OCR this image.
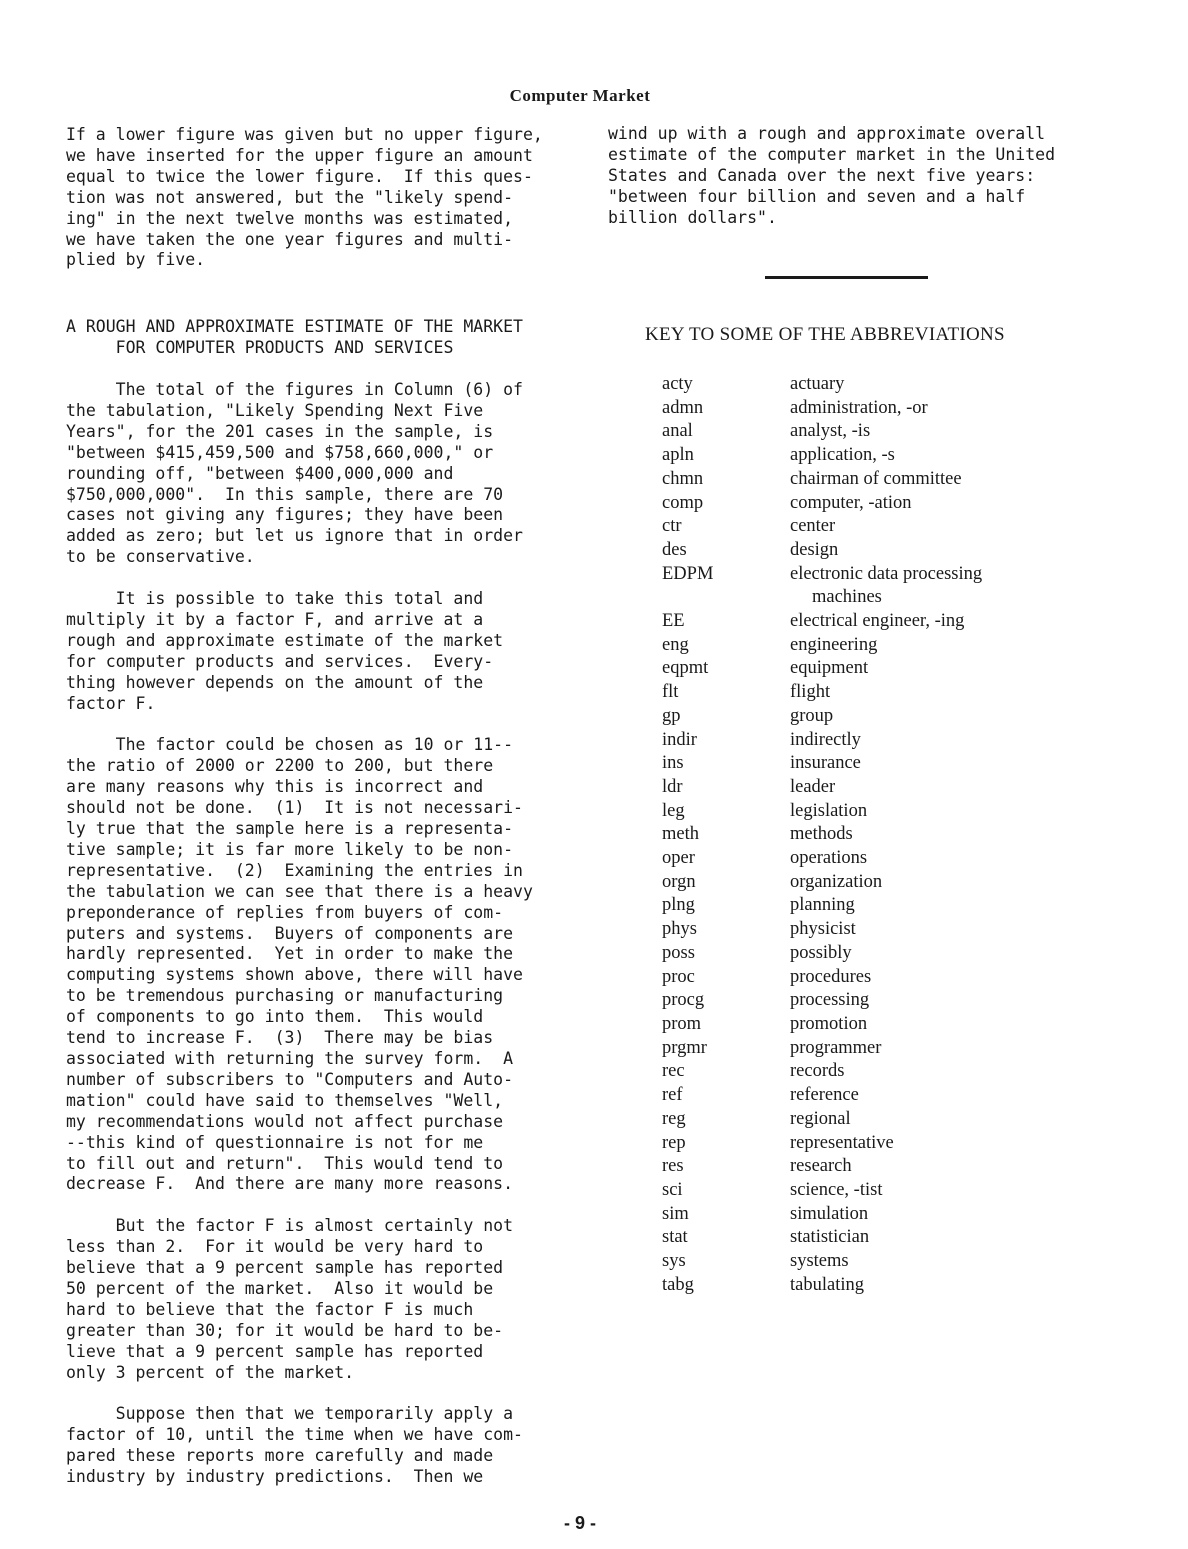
Computer Market
If a lower figure was given but no upper figure,
we have inserted for the upper figure an amount
equal to twice the lower figure.  If this ques-
tion was not answered, but the "likely spend-
ing" in the next twelve months was estimated,
we have taken the one year figures and multi-
plied by five.
A ROUGH AND APPROXIMATE ESTIMATE OF THE MARKET
FOR COMPUTER PRODUCTS AND SERVICES
The total of the figures in Column (6) of
the tabulation, "Likely Spending Next Five
Years", for the 201 cases in the sample, is
"between $415,459,500 and $758,660,000," or
rounding off, "between $400,000,000 and
$750,000,000".  In this sample, there are 70
cases not giving any figures; they have been
added as zero; but let us ignore that in order
to be conservative.
It is possible to take this total and
multiply it by a factor F, and arrive at a
rough and approximate estimate of the market
for computer products and services.  Every-
thing however depends on the amount of the
factor F.
The factor could be chosen as 10 or 11--
the ratio of 2000 or 2200 to 200, but there
are many reasons why this is incorrect and
should not be done.  (1)  It is not necessari-
ly true that the sample here is a representa-
tive sample; it is far more likely to be non-
representative.  (2)  Examining the entries in
the tabulation we can see that there is a heavy
preponderance of replies from buyers of com-
puters and systems.  Buyers of components are
hardly represented.  Yet in order to make the
computing systems shown above, there will have
to be tremendous purchasing or manufacturing
of components to go into them.  This would
tend to increase F.  (3)  There may be bias
associated with returning the survey form.  A
number of subscribers to "Computers and Auto-
mation" could have said to themselves "Well,
my recommendations would not affect purchase
--this kind of questionnaire is not for me
to fill out and return".  This would tend to
decrease F.  And there are many more reasons.
But the factor F is almost certainly not
less than 2.  For it would be very hard to
believe that a 9 percent sample has reported
50 percent of the market.  Also it would be
hard to believe that the factor F is much
greater than 30; for it would be hard to be-
lieve that a 9 percent sample has reported
only 3 percent of the market.
Suppose then that we temporarily apply a
factor of 10, until the time when we have com-
pared these reports more carefully and made
industry by industry predictions.  Then we
wind up with a rough and approximate overall
estimate of the computer market in the United
States and Canada over the next five years:
"between four billion and seven and a half
billion dollars".
KEY TO SOME OF THE ABBREVIATIONS
acty	actuary
admn	administration, -or
anal	analyst, -is
apln	application, -s
chmn	chairman of committee
comp	computer, -ation
ctr	center
des	design
EDPM	electronic data processing
machines
EE	electrical engineer, -ing
eng	engineering
eqpmt	equipment
flt	flight
gp	group
indir	indirectly
ins	insurance
ldr	leader
leg	legislation
meth	methods
oper	operations
orgn	organization
plng	planning
phys	physicist
poss	possibly
proc	procedures
procg	processing
prom	promotion
prgmr	programmer
rec	records
ref	reference
reg	regional
rep	representative
res	research
sci	science, -tist
sim	simulation
stat	statistician
sys	systems
tabg	tabulating
- 9 -
